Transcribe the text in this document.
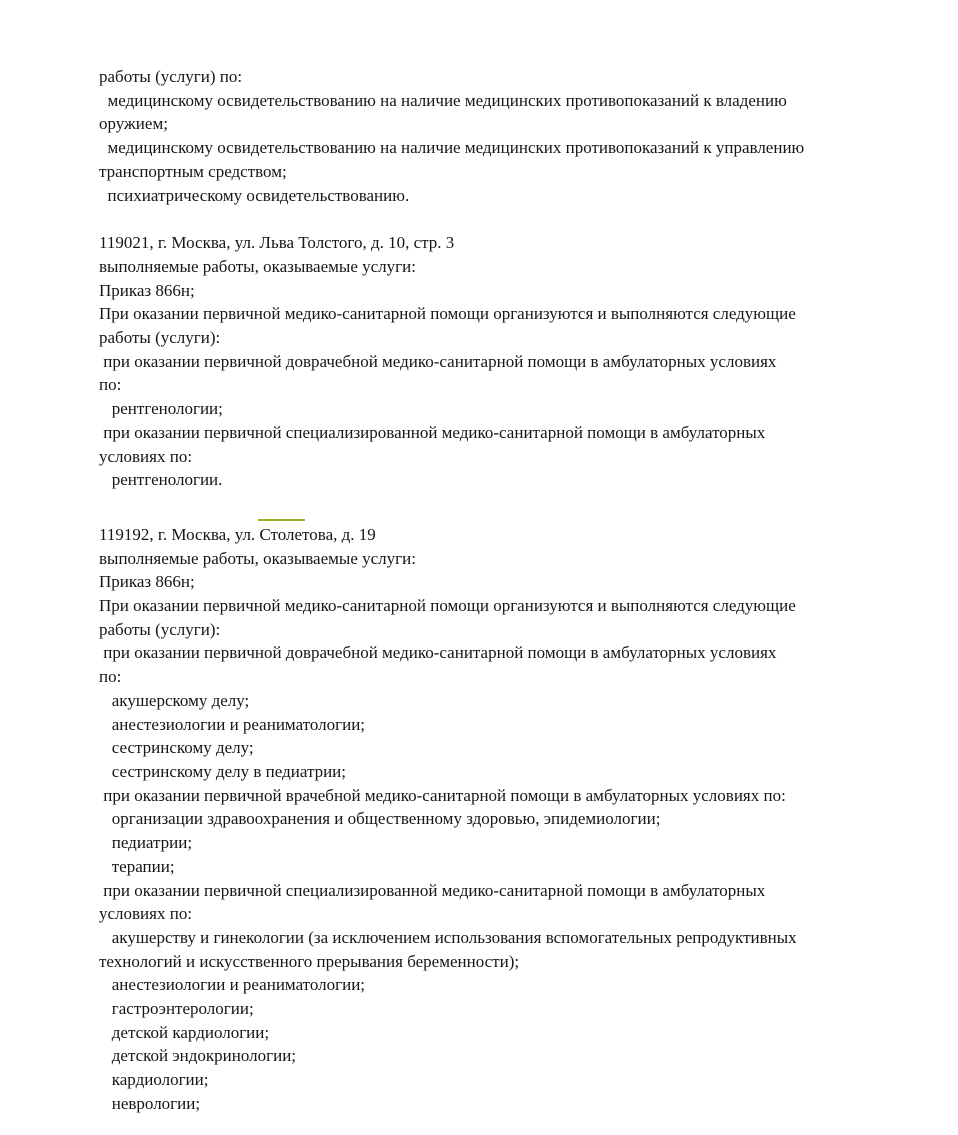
работы (услуги) по:
медицинскому освидетельствованию на наличие медицинских противопоказаний к владению
оружием;
медицинскому освидетельствованию на наличие медицинских противопоказаний к управлению
транспортным средством;
психиатрическому освидетельствованию.
119021, г. Москва, ул. Льва Толстого, д. 10, стр. 3
выполняемые работы, оказываемые услуги:
Приказ 866н;
При оказании первичной медико-санитарной помощи организуются и выполняются следующие
работы (услуги):
при оказании первичной доврачебной медико-санитарной помощи в амбулаторных условиях
по:
рентгенологии;
при оказании первичной специализированной медико-санитарной помощи в амбулаторных
условиях по:
рентгенологии.
119192, г. Москва, ул. Столетова
, д. 19
выполняемые работы, оказываемые услуги:
Приказ 866н;
При оказании первичной медико-санитарной помощи организуются и выполняются следующие
работы (услуги):
при оказании первичной доврачебной медико-санитарной помощи в амбулаторных условиях
по:
акушерскому делу;
анестезиологии и реаниматологии;
сестринскому делу;
сестринскому делу в педиатрии;
при оказании первичной врачебной медико-санитарной помощи в амбулаторных условиях по:
организации здравоохранения и общественному здоровью, эпидемиологии;
педиатрии;
терапии;
при оказании первичной специализированной медико-санитарной помощи в амбулаторных
условиях по:
акушерству и гинекологии (за исключением использования вспомогательных репродуктивных
технологий и искусственного прерывания беременности);
анестезиологии и реаниматологии;
гастроэнтерологии;
детской кардиологии;
детской эндокринологии;
кардиологии;
неврологии;
